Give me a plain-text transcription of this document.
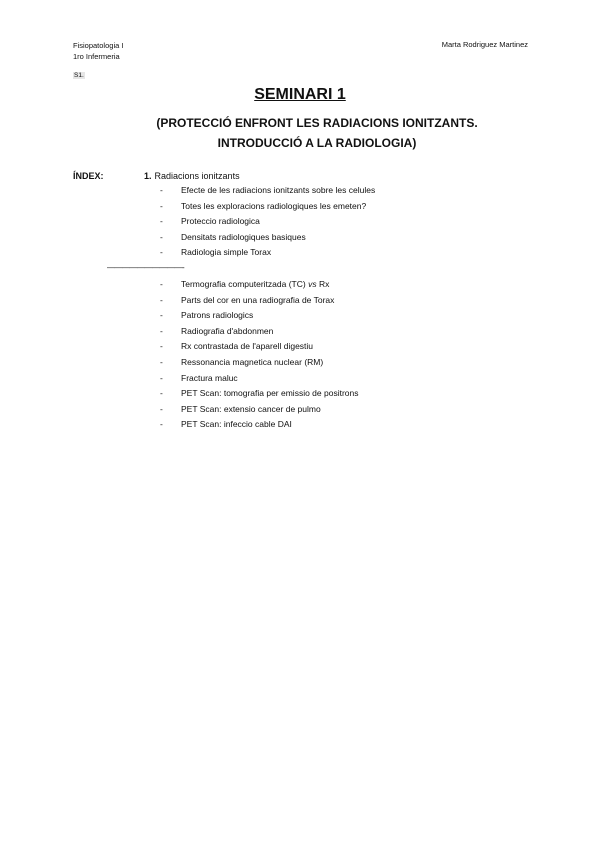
Fisiopatologia I
1ro Infermeria
Marta Rodriguez Martinez
S1.
SEMINARI 1
(PROTECCIÓ ENFRONT LES RADIACIONS IONITZANTS.
INTRODUCCIÓ A LA RADIOLOGIA)
ÍNDEX:	1. Radiacions ionitzants
- Efecte de les radiacions ionitzants sobre les celules
- Totes les exploracions radiologiques les emeten?
- Proteccio radiologica
- Densitats radiologiques basiques
- Radiologia simple Torax
——————————-
- Termografia computeritzada (TC) vs Rx
- Parts del cor en una radiografia de Torax
- Patrons radiologics
- Radiografia d'abdonmen
- Rx contrastada de l'aparell digestiu
- Ressonancia magnetica nuclear (RM)
- Fractura maluc
- PET Scan: tomografia per emissio de positrons
- PET Scan: extensio cancer de pulmo
- PET Scan: infeccio cable DAI
